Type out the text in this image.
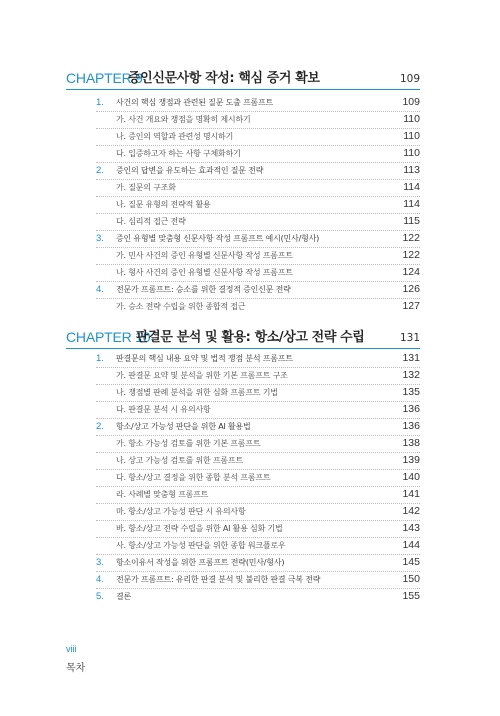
CHAPTER 9
증인신문사항 작성: 핵심 증거 확보	109
1. 사건의 핵심 쟁점과 관련된 질문 도출 프롬프트	109
가. 사건 개요와 쟁점을 명확히 제시하기	110
나. 증인의 역할과 관련성 명시하기	110
다. 입증하고자 하는 사항 구체화하기	110
2. 증인의 답변을 유도하는 효과적인 질문 전략	113
가. 질문의 구조화	114
나. 질문 유형의 전략적 활용	114
다. 심리적 접근 전략	115
3. 증인 유형별 맞춤형 신문사항 작성 프롬프트 예시(민사/형사)	122
가. 민사 사건의 증인 유형별 신문사항 작성 프롬프트	122
나. 형사 사건의 증인 유형별 신문사항 작성 프롬프트	124
4. 전문가 프롬프트: 승소를 위한 결정적 증인신문 전략	126
가. 승소 전략 수립을 위한 종합적 접근	127
CHAPTER 10
판결문 분석 및 활용: 항소/상고 전략 수립	131
1. 판결문의 핵심 내용 요약 및 법적 쟁점 분석 프롬프트	131
가. 판결문 요약 및 분석을 위한 기본 프롬프트 구조	132
나. 쟁점별 판례 분석을 위한 심화 프롬프트 기법	135
다. 판결문 분석 시 유의사항	136
2. 항소/상고 가능성 판단을 위한 AI 활용법	136
가. 항소 가능성 검토를 위한 기본 프롬프트	138
나. 상고 가능성 검토를 위한 프롬프트	139
다. 항소/상고 결정을 위한 종합 분석 프롬프트	140
라. 사례별 맞춤형 프롬프트	141
마. 항소/상고 가능성 판단 시 유의사항	142
바. 항소/상고 전략 수립을 위한 AI 활용 심화 기법	143
사. 항소/상고 가능성 판단을 위한 종합 워크플로우	144
3. 항소이유서 작성을 위한 프롬프트 전략(민사/형사)	145
4. 전문가 프롬프트: 유리한 판결 분석 및 불리한 판결 극복 전략	150
5. 결론	155
viii
목차
